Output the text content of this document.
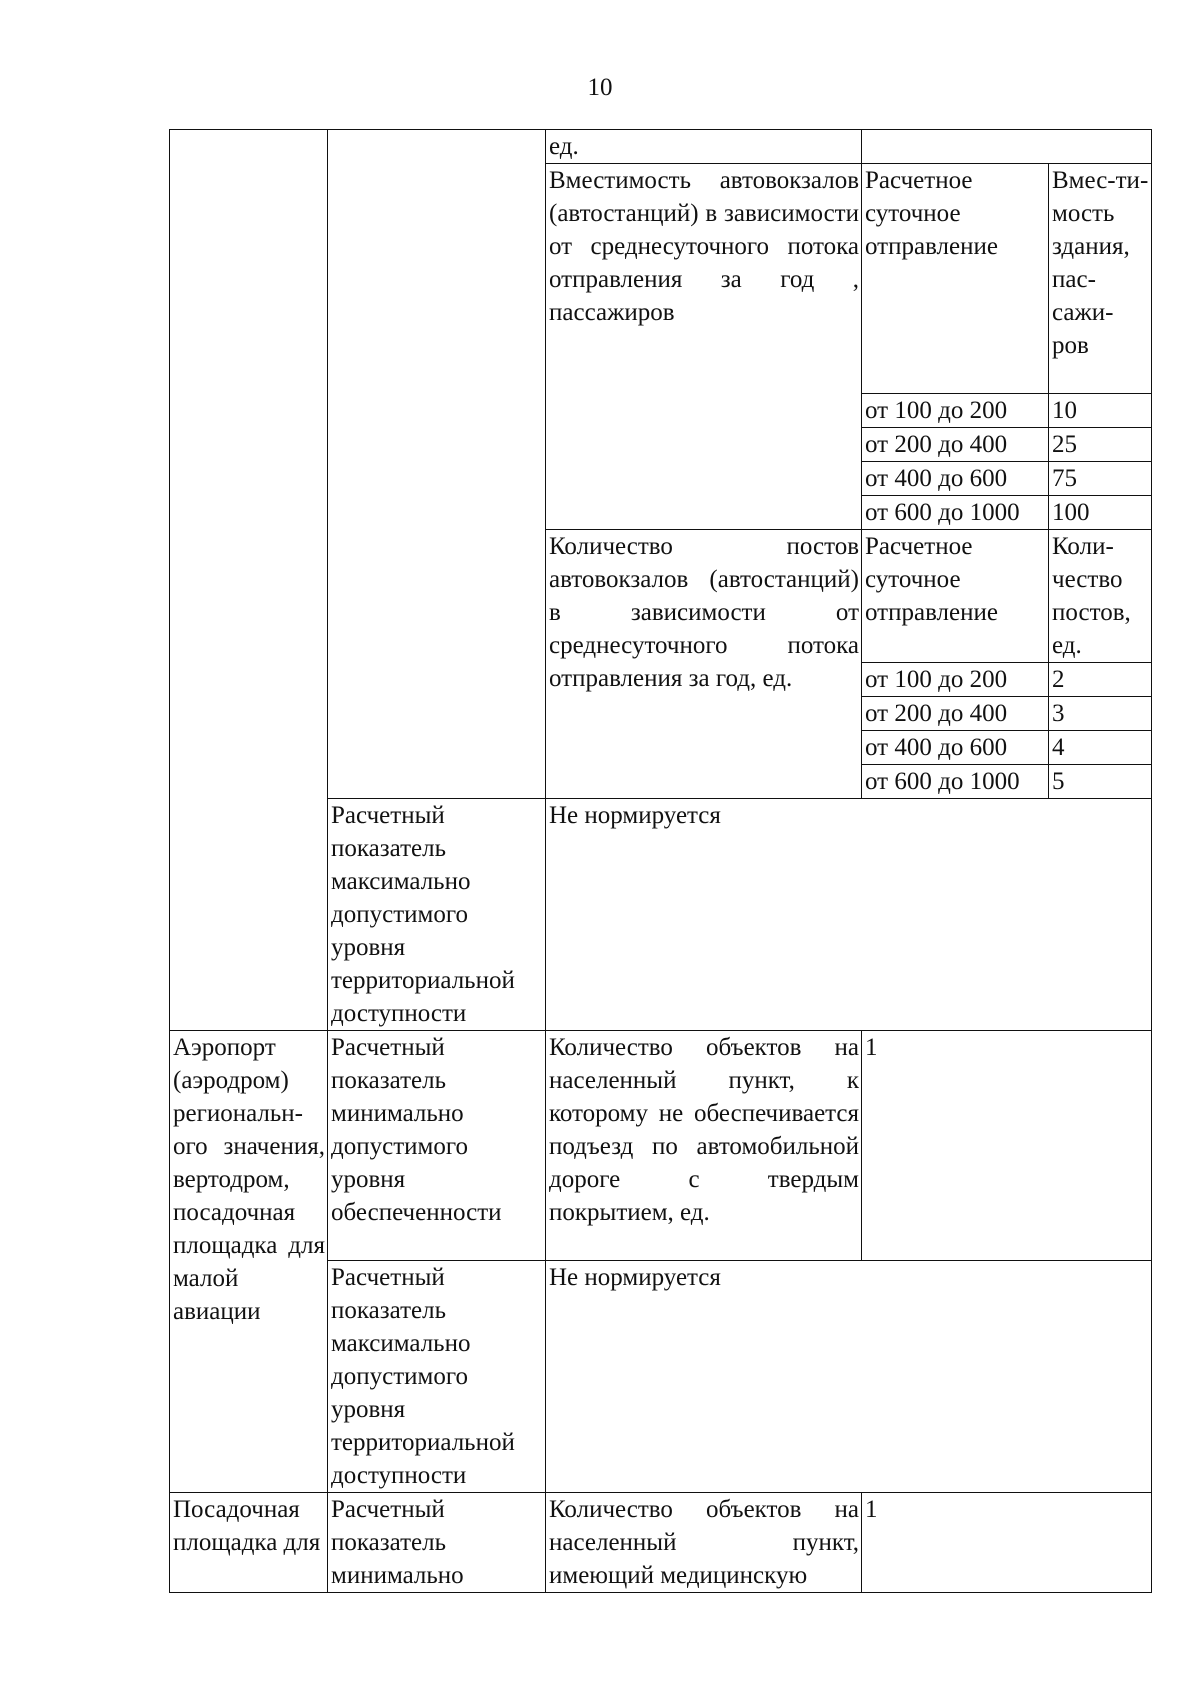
10
		ед.		
		Вместимость автовокзалов (автостанций) в зависимости от среднесуточного потока отправления за год , пассажиров	Расчетное суточное отправление	Вмес-ти-мость здания, пас-сажи-ров
			от 100 до 200	10
			от 200 до 400	25
			от 400 до 600	75
			от 600 до 1000	100
		Количество постов автовокзалов (автостанций) в зависимости от среднесуточного потока отправления за год, ед.	Расчетное суточное отправление	Коли-чество постов, ед.
			от 100 до 200	2
			от 200 до 400	3
			от 400 до 600	4
			от 600 до 1000	5
	Расчетный показатель максимально допустимого уровня территориальной доступности	Не нормируется		
Аэропорт (аэродром) региональн-ого значения, вертодром, посадочная площадка для малой авиации	Расчетный показатель минимально допустимого уровня обеспеченности	Количество объектов на населенный пункт, к которому не обеспечивается подъезд по автомобильной дороге с твердым покрытием, ед.	1	
	Расчетный показатель максимально допустимого уровня территориальной доступности	Не нормируется		
Посадочная площадка для	Расчетный показатель минимально	Количество объектов на населенный пункт, имеющий медицинскую	1	
